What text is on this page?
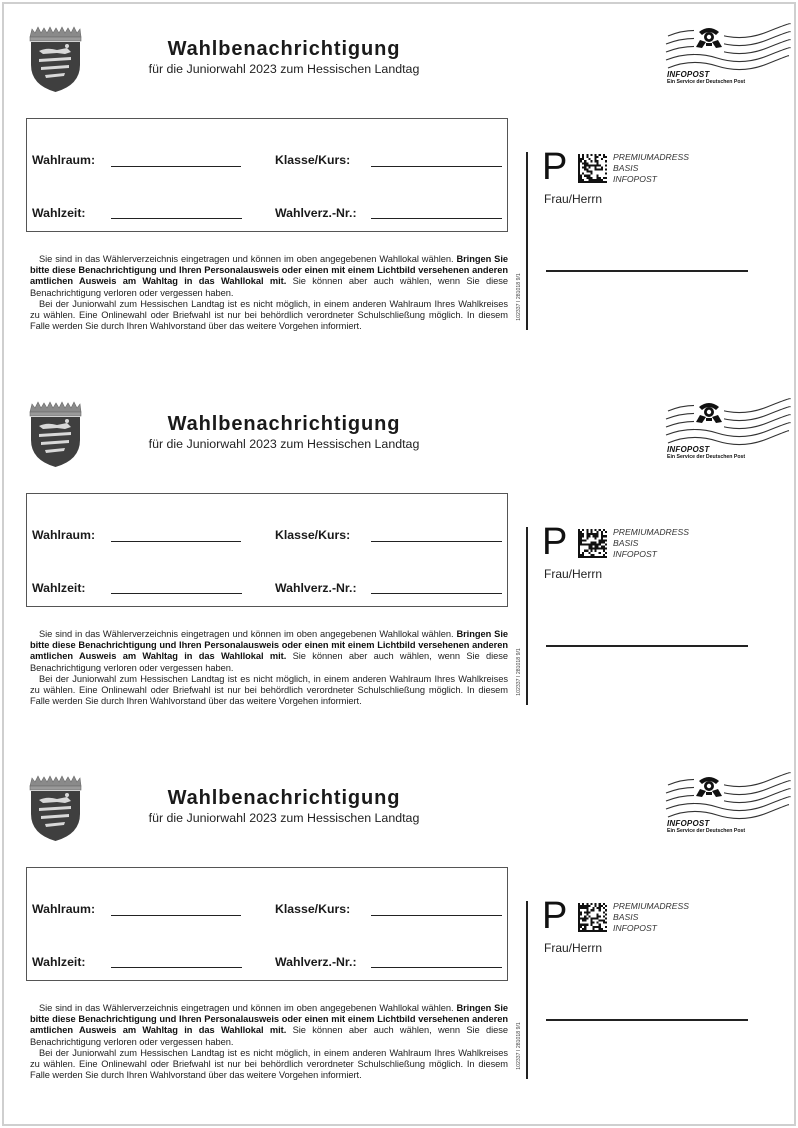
Wahlbenachrichtigung
für die Juniorwahl 2023 zum Hessischen Landtag	INFOPOST
Ein Service der Deutschen Post
Wahlraum:	Klasse/Kurs:
Wahlzeit:	Wahlverz.-Nr.:

Sie sind in das Wählerverzeichnis eingetragen und können im oben angegebenen Wahllokal wählen. Bringen Sie bitte diese Benachrichtigung und Ihren Personalausweis oder einen mit einem Lichtbild versehenen anderen amtlichen Ausweis am Wahltag in das Wahllokal mit. Sie können aber auch wählen, wenn Sie diese Benachrichtigung verloren oder vergessen haben.

Bei der Juniorwahl zum Hessischen Landtag ist es nicht möglich, in einem anderen Wahlraum Ihres Wahlkreises zu wählen. Eine Onlinewahl oder Briefwahl ist nur bei behördlich verordneter Schulschließung möglich. In diesem Falle werden Sie durch Ihren Wahlvorstand über das weitere Vorgehen informiert.

102337 I 281018 9/1
P	PREMIUMADRESS
BASIS
INFOPOST
Frau/Herrn
Wahlbenachrichtigung
für die Juniorwahl 2023 zum Hessischen Landtag	INFOPOST
Ein Service der Deutschen Post
Wahlraum:	Klasse/Kurs:
Wahlzeit:	Wahlverz.-Nr.:

Sie sind in das Wählerverzeichnis eingetragen und können im oben angegebenen Wahllokal wählen. Bringen Sie bitte diese Benachrichtigung und Ihren Personalausweis oder einen mit einem Lichtbild versehenen anderen amtlichen Ausweis am Wahltag in das Wahllokal mit. Sie können aber auch wählen, wenn Sie diese Benachrichtigung verloren oder vergessen haben.

Bei der Juniorwahl zum Hessischen Landtag ist es nicht möglich, in einem anderen Wahlraum Ihres Wahlkreises zu wählen. Eine Onlinewahl oder Briefwahl ist nur bei behördlich verordneter Schulschließung möglich. In diesem Falle werden Sie durch Ihren Wahlvorstand über das weitere Vorgehen informiert.

102337 I 281018 9/1
P	PREMIUMADRESS
BASIS
INFOPOST
Frau/Herrn
Wahlbenachrichtigung
für die Juniorwahl 2023 zum Hessischen Landtag	INFOPOST
Ein Service der Deutschen Post
Wahlraum:	Klasse/Kurs:
Wahlzeit:	Wahlverz.-Nr.:

Sie sind in das Wählerverzeichnis eingetragen und können im oben angegebenen Wahllokal wählen. Bringen Sie bitte diese Benachrichtigung und Ihren Personalausweis oder einen mit einem Lichtbild versehenen anderen amtlichen Ausweis am Wahltag in das Wahllokal mit. Sie können aber auch wählen, wenn Sie diese Benachrichtigung verloren oder vergessen haben.

Bei der Juniorwahl zum Hessischen Landtag ist es nicht möglich, in einem anderen Wahlraum Ihres Wahlkreises zu wählen. Eine Onlinewahl oder Briefwahl ist nur bei behördlich verordneter Schulschließung möglich. In diesem Falle werden Sie durch Ihren Wahlvorstand über das weitere Vorgehen informiert.

102337 I 281018 9/1
P	PREMIUMADRESS
BASIS
INFOPOST
Frau/Herrn
